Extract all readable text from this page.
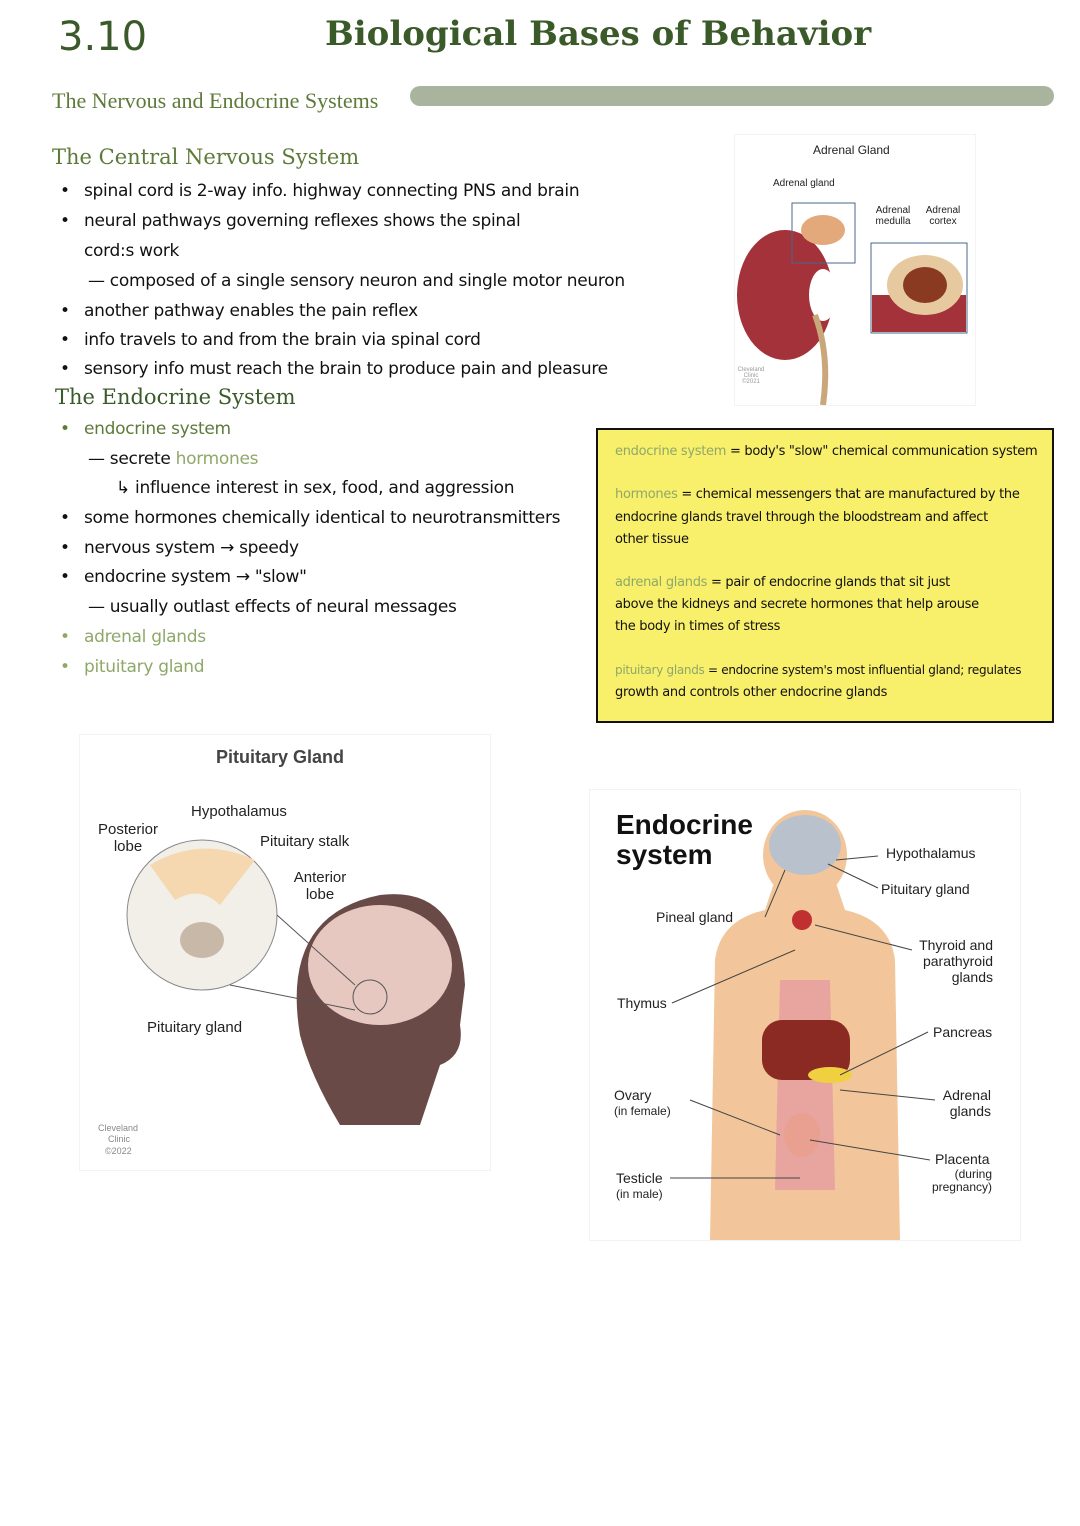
3.10	Biological Bases of Behavior
The Nervous and Endocrine Systems
The Central Nervous System
• spinal cord is 2-way info. highway connecting PNS and brain
• neural pathways governing reflexes shows the spinal
cord:s work
— composed of a single sensory neuron and single motor neuron
• another pathway enables the pain reflex
• info travels to and from the brain via spinal cord
• sensory info must reach the brain to produce pain and pleasure
The Endocrine System
• endocrine system
— secrete hormones
↳ influence interest in sex, food, and aggression
• some hormones chemically identical to neurotransmitters
• nervous system → speedy
• endocrine system → "slow"
— usually outlast effects of neural messages
• adrenal glands
• pituitary gland
Adrenal Gland
Adrenal gland
Adrenal medulla
Adrenal cortex
Cleveland Clinic ©2021
endocrine system = body's "slow" chemical communication system
hormones = chemical messengers that are manufactured by the
endocrine glands travel through the bloodstream and affect
other tissue
adrenal glands = pair of endocrine glands that sit just
above the kidneys and secrete hormones that help arouse
the body in times of stress
pituitary glands = endocrine system's most influential gland; regulates
growth and controls other endocrine glands
Pituitary Gland
Hypothalamus
Posterior lobe	Pituitary stalk
Anterior lobe
Pituitary gland
Cleveland
Clinic
©2022
Endocrine
system	Hypothalamus
Pituitary gland
Pineal gland
Thyroid and parathyroid glands
Thymus
Pancreas
Ovary
(in female)
Adrenal glands
Placenta
(during pregnancy)
Testicle
(in male)
